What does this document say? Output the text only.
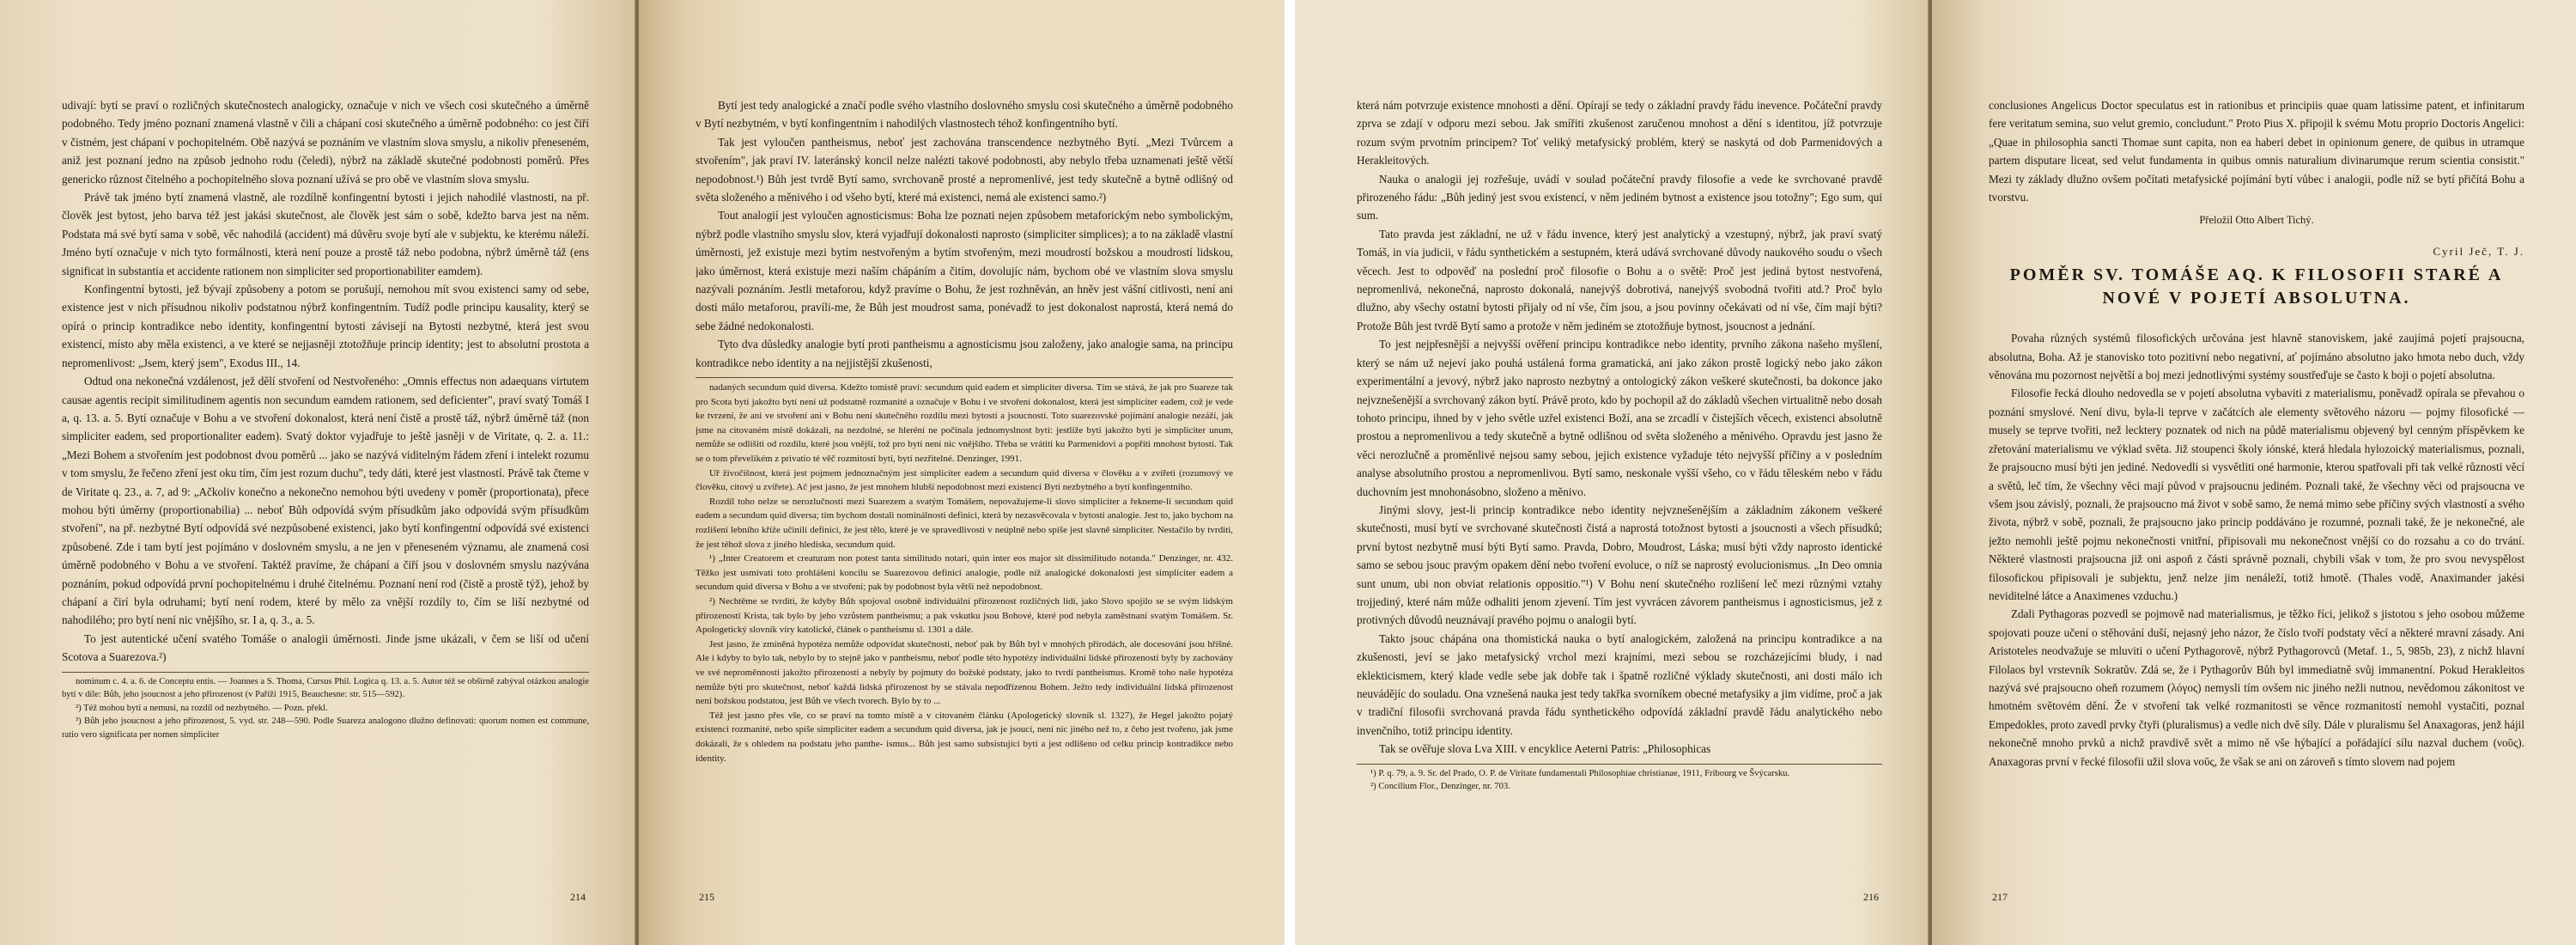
udivají: bytí se praví o rozličných skutečnostech analogicky, označuje v nich ve všech cosi skutečného a úměrně podobného. Tedy jméno poznaní znamená vlastně v čili a chápaní cosi skutečného a úměrně podobného: co jest čiří v čistném, jest chápaní v pochopitelném. Obě nazývá se poznáním ve vlastním slova smyslu, a nikoliv přeneseném, aniž jest poznaní jedno na způsob jednoho rodu (čeledi), nýbrž na základě skutečné podobnosti poměrů. Přes genericko různost čitelného a pochopitelného slova poznaní užívá se pro obě ve vlastním slova smyslu.

Právě tak jméno bytí znamená vlastně, ale rozdílně konfingentní bytosti i jejich nahodilé vlastnosti, na př. člověk jest bytost, jeho barva též jest jakási skutečnost, ale člověk jest sám o sobě, kdežto barva jest na něm. Podstata má své bytí sama v sobě, věc nahodilá (accident) má důvěru svoje bytí ale v subjektu, ke kterému náleží. Jméno bytí označuje v nich tyto formálnosti, která není pouze a prostě táž nebo podobna, nýbrž úměrně táž (ens significat in substantia et accidente rationem non simpliciter sed proportionabiliter eamdem).

Konfingentní bytosti, jež bývají způsobeny a potom se porušují, nemohou mít svou existenci samy od sebe, existence jest v nich přísudnou nikoliv podstatnou nýbrž konfingentním. Tudíž podle principu kausality, který se opírá o princip kontradikce nebo identity, konfingentní bytosti závisejí na Bytosti nezbytné, která jest svou existencí, místo aby měla existenci, a ve které se nejjasněji ztotožňuje princip identity; jest to absolutní prostota a nepromenlivost: „Jsem, který jsem", Exodus III., 14.

Odtud ona nekonečná vzdálenost, jež dělí stvoření od Nestvořeného: „Omnis effectus non adaequans virtutem causae agentis recipit similitudinem agentis non secundum eamdem rationem, sed deficienter", praví svatý Tomáš I a, q. 13. a. 5. Bytí označuje v Bohu a ve stvoření dokonalost, která není čistě a prostě táž, nýbrž úměrně táž (non simpliciter eadem, sed proportionaliter eadem). Svatý doktor vyjadřuje to ještě jasněji v de Viritate, q. 2. a. 11.: „Mezi Bohem a stvořením jest podobnost dvou poměrů ... jako se nazývá viditelným řádem zření i intelekt rozumu v tom smyslu, že řečeno zření jest oku tím, čím jest rozum duchu", tedy dáti, které jest vlastností. Právě tak čteme v de Viritate q. 23., a. 7, ad 9: „Ačkoliv konečno a nekonečno nemohou býti uvedeny v poměr (proportionata), přece mohou býti úměrny (proportionabilia) ... neboť Bůh odpovídá svým přísudkům jako odpovídá svým přísudkům stvoření", na př. nezbytné Bytí odpovídá své nezpůsobené existenci, jako bytí konfingentní odpovídá své existenci způsobené. Zde i tam bytí jest pojímáno v doslovném smyslu, a ne jen v přeneseném významu, ale znamená cosi úměrně podobného v Bohu a ve stvoření. Taktéž pravíme, že chápaní a čiří jsou v doslovném smyslu nazývána poznáním, pokud odpovídá první pochopitelnému i druhé čitelnému. Poznaní není rod (čistě a prostě týž), jehož by chápaní a čirí byla odruhami; bytí není rodem, které by mělo za vnější rozdíly to, čím se liší nezbytné od nahodilého; pro bytí není nic vnějšího, sr. I a, q. 3., a. 5.

To jest autentické učení svatého Tomáše o analogii úměrnosti. Jinde jsme ukázali, v čem se liší od učení Scotova a Suarezova.²)

nominum c. 4. a. 6. de Conceptu entis. — Joannes a S. Thoma, Cursus Phil. Logica q. 13. a. 5. Autor též se obšírně zabýval otázkou analogie bytí v díle: Bůh, jeho jsoucnost a jeho přirozenost (v Paříži 1915, Beauchesne: str. 515—592).
²) Též mohou bytí a nemusí, na rozdíl od nezbytného. — Pozn. překl.
³) Bůh jeho jsoucnost a jeho přirozenost, 5. vyd. str. 248—590. Podle Suareza analogono dlužno definovati: quorum nomen est commune, ratio vero significata per nomen simpliciter
214

Bytí jest tedy analogické a značí podle svého vlastního doslovného smyslu cosi skutečného a úměrně podobného v Bytí nezbytném, v bytí konfingentním i nahodilých vlastnostech téhož konfingentního bytí.

Tak jest vyloučen pantheismus, neboť jest zachována transcendence nezbytného Bytí. „Mezi Tvůrcem a stvořením", jak praví IV. lateránský koncil nelze nalézti takové podobnosti, aby nebylo třeba uznamenati ještě větší nepodobnost.¹) Bůh jest tvrdě Bytí samo, svrchovaně prosté a nepromenlivé, jest tedy skutečně a bytně odlišný od světa složeného a měnivého i od všeho bytí, které má existenci, nemá ale existenci samo.²)

Tout analogií jest vyloučen agnosticismus: Boha lze poznati nejen způsobem metaforickým nebo symbolickým, nýbrž podle vlastního smyslu slov, která vyjadřují dokonalosti naprosto (simpliciter simplices); a to na základě vlastní úměrnosti, jež existuje mezi bytím nestvořeným a bytím stvořeným, mezi moudrostí božskou a moudrostí lidskou, jako úměrnost, která existuje mezi naším chápáním a čitím, dovolujíc nám, bychom obé ve vlastním slova smyslu nazývali poznáním. Jestli metaforou, když pravíme o Bohu, že jest rozhněván, an hněv jest vášní citlivosti, není ani dosti málo metaforou, pravíli-me, že Bůh jest moudrost sama, ponévadž to jest dokonalost naprostá, která nemá do sebe žádné nedokonalosti.

Tyto dva důsledky analogie bytí proti pantheismu a agnosticismu jsou založeny, jako analogie sama, na principu kontradikce nebo identity a na nejjistější zkušenosti,

nadaných secundum quid diversa. Kdežto tomistě praví: secundum quid eadem et simpliciter diversa. Tím se stává, že jak pro Suareze tak pro Scota bytí jakožto bytí není už podstatně rozmanité a označuje v Bohu i ve stvoření dokonalost, která jest simpliciter eadem, což je vede ke tvrzení, že ani ve stvoření ani v Bohu není skutečného rozdílu mezi bytostí a jsoucností. Toto suarezovské pojímání analogie nezáží, jak jsme na citovaném místě dokázali, na nezdolné, se hleréní ne počínala jednomyslnost bytí: jestliže bytí jakožto bytí je simpliciter unum, nemůže se odlišiti od rozdílu, které jsou vnější, tož pro bytí není nic vnějšího. Třeba se vrátiti ku Parmenidovi a popříti mnohost bytostí. Tak se o tom převelikém z privatio té věč rozmitosti bytí, bytí nezřitelné. Denzinger, 1991.
Uř živočišnost, která jest pojmem jednoznačným jest simpliciter eadem a secundum quid diversa v člověku a v zvířeti (rozumový ve člověku, citový u zvířete). Ač jest jasno, že jest mnohem hlubší nepodobnost mezi existencí Bytí nezbytného a bytí konfingentního.
Rozdíl toho nelze se nerozlučnosti mezi Suarezem a svatým Tomášem, nepovažujeme-li slovo simpliciter a řekneme-li secundum quid eadem a secundum quid diversa; tím bychom dostali nominálnosti definici, která by nezasvěcovala v bytosti analogie. Jest to, jako bychom na rozlišení lebního kříže učinili definici, že jest tělo, které je ve spravedlivosti v neúplně nebo spíše jest slavně simpliciter. Nestačilo by tvrditi, že jest téhož slova z jiného hlediska, secundum quid.
¹) „Inter Creatorem et creaturam non potest tanta similitudo notari, quin inter eos major sit dissimilitudo notanda." Denzinger, nr. 432. Těžko jest usmívati toto prohlášení koncilu se Suarezovou definicí analogie, podle níž analogické dokonalosti jest simpliciter eadem a secundum quid diversa v Bohu a ve stvoření; pak by podobnost byla větší než nepodobnost.
²) Nechtěme se tvrditi, že kdyby Bůh spojoval osobně individuální přirozenost rozličných lidí, jako Slovo spojilo se se svým lidským přirozeností Krista, tak bylo by jeho vzrůstem pantheismu; a pak vskutku jsou Bohové, které pod nebyla zaměstnaní svatým Tomášem. Sr. Apologetický slovník víry katolické, článek o pantheismu sl. 1301 a dále.
Jest jasno, že zmíněná hypotéza nemůže odpovídat skutečnosti, neboť pak by Bůh byl v mnohých přírodách, ale docesování jsou hříšné. Ale i kdyby to bylo tak, nebylo by to stejně jako v pantheismu, neboť podle této hypotézy individuální lidské přirozenosti byly by zachovány ve své neproměnnosti jakožto přirozenosti a nebyly by pojmuty do božské podstaty, jako to tvrdí pantheismus. Kromě toho naše hypotéza nemůže býti pro skutečnost, neboť každá lidská přirozenost by se stávala nepodřízenou Bohem. Ježto tedy individuální lidská přirozenost není božskou podstatou, jest Bůh ve všech tvorech. Bylo by to ...
Též jest jasno přes vše, co se praví na tomto místě a v citovaném článku (Apologetický slovník sl. 1327), že Hegel jakožto pojatý existenci rozmanité, nebo spíše simpliciter eadem a secundum quid diversa, jak je jsoucí, není nic jiného než to, z čeho jest tvořeno, jak jsme dokázali, že s ohledem na podstatu jeho panthe- ismus... Bůh jest samo subsistující bytí a jest odlišeno od celku princip kontradikce nebo identity.
215

která nám potvrzuje existence mnohosti a dění. Opírají se tedy o základní pravdy řádu inevence. Počáteční pravdy zprva se zdají v odporu mezi sebou. Jak smířiti zkušenost zaručenou mnohost a dění s identitou, jíž potvrzuje rozum svým prvotním principem? Toť veliký metafysický problém, který se naskytá od dob Parmenidových a Herakleitových.

Nauka o analogii jej rozřešuje, uvádí v soulad počáteční pravdy filosofie a vede ke svrchované pravdě přirozeného řádu: „Bůh jediný jest svou existencí, v něm jediném bytnost a existence jsou totožny"; Ego sum, qui sum.

Tato pravda jest základní, ne už v řádu invence, který jest analytický a vzestupný, nýbrž, jak praví svatý Tomáš, in via judicii, v řádu synthetickém a sestupném, která udává svrchované důvody naukového soudu o všech věcech. Jest to odpověď na poslední proč filosofie o Bohu a o světě: Proč jest jediná bytost nestvořená, nepromenlivá, nekonečná, naprosto dokonalá, nanejvýš dobrotivá, nanejvýš svobodná tvořiti atd.? Proč bylo dlužno, aby všechy ostatní bytosti přijaly od ní vše, čím jsou, a jsou povinny očekávati od ní vše, čím mají býti? Protože Bůh jest tvrdě Bytí samo a protože v něm jediném se ztotožňuje bytnost, jsoucnost a jednání.

To jest nejpřesnější a nejvyšší ověření principu kontradikce nebo identity, prvního zákona našeho myšlení, který se nám už nejeví jako pouhá ustálená forma gramatická, ani jako zákon prostě logický nebo jako zákon experimentální a jevový, nýbrž jako naprosto nezbytný a ontologický zákon veškeré skutečnosti, ba dokonce jako nejvznešenější a svrchovaný zákon bytí. Právě proto, kdo by pochopil až do základů všechen virtualitně nebo dosah tohoto principu, ihned by v jeho světle uzřel existenci Boží, ana se zrcadlí v čistejších věcech, existenci absolutně prostou a nepromenlivou a tedy skutečně a bytně odlišnou od světa složeného a měnivého. Opravdu jest jasno že věci nerozlučně a proměnlivé nejsou samy sebou, jejich existence vyžaduje této nejvyšší příčiny a v posledním analyse absolutního prostou a nepromenlivou. Bytí samo, neskonale vyšší všeho, co v řádu těleském nebo v řádu duchovním jest mnohonásobno, složeno a měnivo.

Jinými slovy, jest-li princip kontradikce nebo identity nejvznešenějším a základním zákonem veškeré skutečnosti, musí bytí ve svrchované skutečnosti čistá a naprostá totožnost bytosti a jsoucnosti a všech přísudků; první bytost nezbytně musí býti Bytí samo. Pravda, Dobro, Moudrost, Láska; musí býti vždy naprosto identické samo se sebou jsouc pravým opakem dění nebo tvoření evoluce, o níž se naprostý evolucionismus. „In Deo omnia sunt unum, ubi non obviat relationis oppositio."¹) V Bohu není skutečného rozlišení leč mezi různými vztahy trojjediný, které nám může odhaliti jenom zjevení. Tím jest vyvrácen závorem pantheismus i agnosticismus, jež z protivných důvodů neuznávají pravého pojmu o analogii bytí.

Takto jsouc chápána ona thomistická nauka o bytí analogickém, založená na principu kontradikce a na zkušenosti, jeví se jako metafysický vrchol mezi krajními, mezi sebou se rozcházejícími bludy, i nad eklekticismem, který klade vedle sebe jak dobře tak i špatně rozličné výklady skutečnosti, ani dosti málo ich neuvádějíc do souladu. Ona vznešená nauka jest tedy takřka svorníkem obecné metafysiky a jim vidíme, proč a jak v tradiční filosofii svrchovaná pravda řádu synthetického odpovídá základní pravdě řádu analytického nebo invenčního, totiž principu identity.

Tak se ověřuje slova Lva XIII. v encyklice Aeterni Patris: „Philosophicas

¹) P. q. 79, a. 9. Sr. del Prado, O. P. de Viritate fundamentali Philosophiae christianae, 1911, Fribourg ve Švýcarsku.
²) Concilium Flor., Denzinger, nr. 703.
216

conclusiones Angelicus Doctor speculatus est in rationibus et principiis quae quam latissime patent, et infinitarum fere veritatum semina, suo velut gremio, concludunt." Proto Pius X. připojil k svému Motu proprio Doctoris Angelici: „Quae in philosophia sancti Thomae sunt capita, non ea haberi debet in opinionum genere, de quibus in utramque partem disputare liceat, sed velut fundamenta in quibus omnis naturalium divinarumque rerum scientia consistit." Mezi ty základy dlužno ovšem počítati metafysické pojímání bytí vůbec i analogii, podle níž se bytí přičítá Bohu a tvorstvu.

Přeložil Otto Albert Tichý.
Cyril Ječ, T. J.
POMĚR SV. TOMÁŠE AQ. K FILOSOFII STARÉ A NOVÉ V POJETÍ ABSOLUTNA.

Povaha různých systémů filosofických určována jest hlavně stanoviskem, jaké zaujímá pojetí prajsoucna, absolutna, Boha. Až je stanovisko toto pozitivní nebo negativní, ať pojímáno absolutno jako hmota nebo duch, vždy věnována mu pozornost největší a boj mezi jednotlivými systémy soustřeďuje se často k boji o pojetí absolutna.

Filosofie řecká dlouho nedovedla se v pojetí absolutna vybaviti z materialismu, poněvadž opírala se převahou o poznání smyslové. Není divu, byla-li teprve v začátcích ale elementy světového názoru — pojmy filosofické — musely se teprve tvořiti, než lecktery poznatek od nich na půdě materialismu objevený byl cenným příspěvkem ke zřetování materialismu ve výklad světa. Již stoupenci školy iónské, která hledala hylozoický materialismus, poznali, že prajsoucno musí býti jen jediné. Nedovedli si vysvětliti oné harmonie, kterou spatřovali při tak velké různosti věcí a světů, leč tím, že všechny věci mají původ v prajsoucnu jediném. Poznali také, že všechny věci od prajsoucna ve všem jsou závislý, poznali, že prajsoucno má život v sobě samo, že nemá mimo sebe příčiny svých vlastností a svého života, nýbrž v sobě, poznali, že prajsoucno jako princip poddáváno je rozumné, poznali také, že je nekonečné, ale ježto nemohli ještě pojmu nekonečnosti vnitřní, připisovali mu nekonečnost vnější co do rozsahu a co do trvání. Některé vlastnosti prajsoucna již oni aspoň z části správně poznali, chybili však v tom, že pro svou nevyspělost filosofickou připisovali je subjektu, jenž nelze jim nenáleží, totiž hmotě. (Thales vodě, Anaximander jakési neviditelné látce a Anaximenes vzduchu.)

Zdali Pythagoras pozvedl se pojmově nad materialismus, je těžko říci, jelikož s jistotou s jeho osobou můžeme spojovati pouze učení o stěhování duší, nejasný jeho názor, že číslo tvoří podstaty věcí a některé mravní zásady. Ani Aristoteles neodvažuje se mluviti o učení Pythagorově, nýbrž Pythagorovců (Metaf. 1., 5, 985b, 23), z nichž hlavní Filolaos byl vrstevník Sokratův. Zdá se, že i Pythagorův Bůh byl immediatně svůj immanentní. Pokud Herakleitos nazývá své prajsoucno oheň rozumem (λόγος) nemysli tím ovšem nic jiného nežli nutnou, nevědomou zákonitost ve hmotném světovém dění. Že v stvoření tak velké rozmanitosti se věnce rozmanitostí nemohl vystačiti, poznal Empedokles, proto zavedl prvky čtyři (pluralismus) a vedle nich dvě síly. Dále v pluralismu šel Anaxagoras, jenž hájil nekonečně mnoho prvků a nichž pravdivě svět a mimo ně vše hýbající a pořádající sílu nazval duchem (νοῦς). Anaxagoras první v řecké filosofii užil slova νοῦς, že však se ani on zároveň s tímto slovem nad pojem

217
